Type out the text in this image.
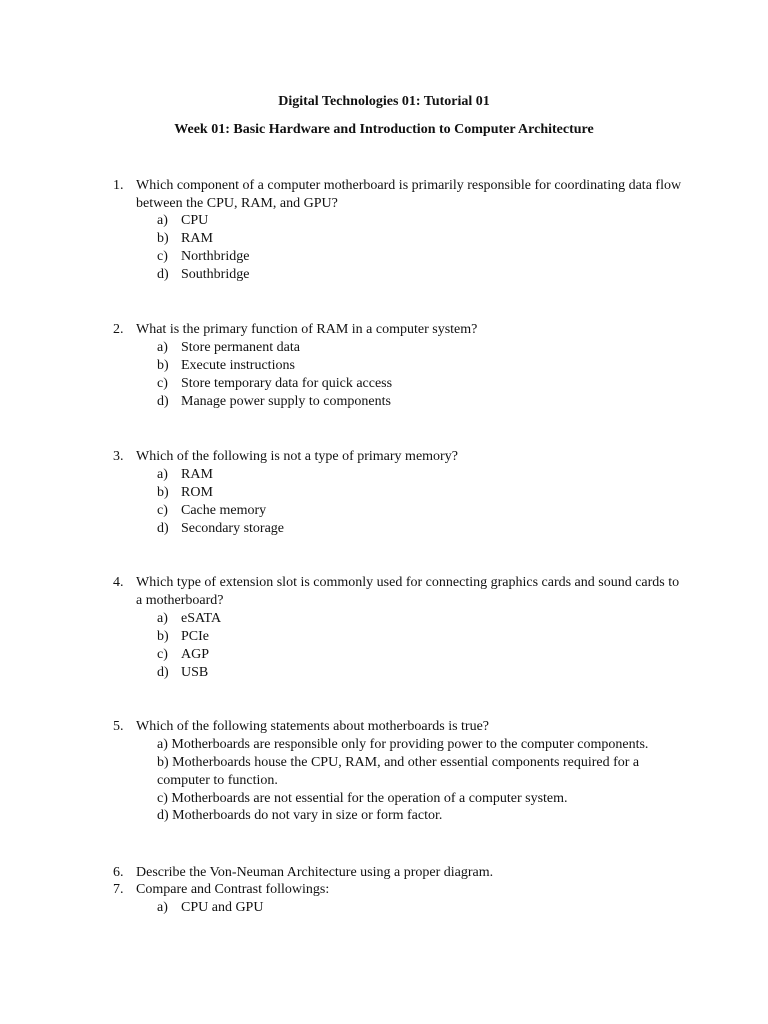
Digital Technologies 01: Tutorial 01
Week 01: Basic Hardware and Introduction to Computer Architecture
1. Which component of a computer motherboard is primarily responsible for coordinating data flow between the CPU, RAM, and GPU?
a) CPU
b) RAM
c) Northbridge
d) Southbridge
2. What is the primary function of RAM in a computer system?
a) Store permanent data
b) Execute instructions
c) Store temporary data for quick access
d) Manage power supply to components
3. Which of the following is not a type of primary memory?
a) RAM
b) ROM
c) Cache memory
d) Secondary storage
4. Which type of extension slot is commonly used for connecting graphics cards and sound cards to a motherboard?
a) eSATA
b) PCIe
c) AGP
d) USB
5. Which of the following statements about motherboards is true?
a) Motherboards are responsible only for providing power to the computer components.
b) Motherboards house the CPU, RAM, and other essential components required for a computer to function.
c) Motherboards are not essential for the operation of a computer system.
d) Motherboards do not vary in size or form factor.
6. Describe the Von-Neuman Architecture using a proper diagram.
7. Compare and Contrast followings:
a) CPU and GPU
